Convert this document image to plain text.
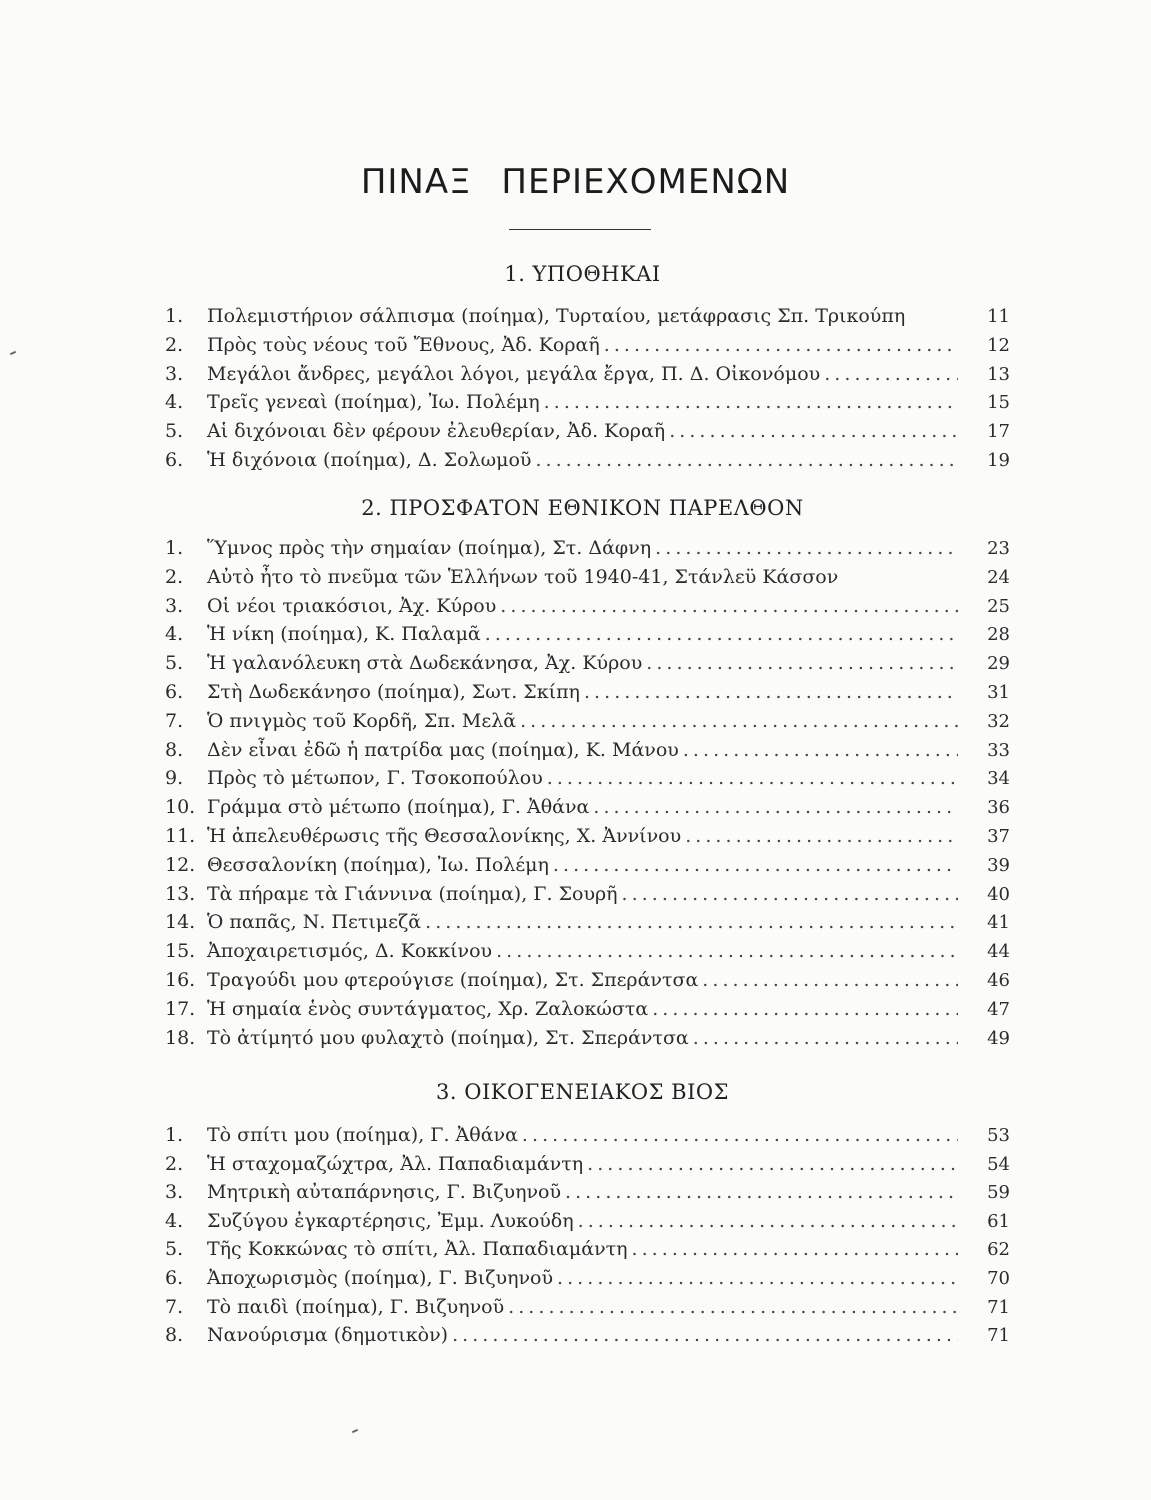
ΠΙΝΑΞ ΠΕΡΙΕΧΟΜΕΝΩΝ
1. ΥΠΟΘΗΚΑΙ
1.	Πολεμιστήριον σάλπισμα (ποίημα), Τυρταίου, μετάφρασις Σπ. Τρικούπη	11
2.	Πρὸς τοὺς νέους τοῦ Ἔθνους, Ἀδ. Κοραῆ . . .	12
3.	Μεγάλοι ἄνδρες, μεγάλοι λόγοι, μεγάλα ἔργα, Π. Δ. Οἰκονόμου . . .	13
4.	Τρεῖς γενεαὶ (ποίημα), Ἰω. Πολέμη . . .	15
5.	Αἱ διχόνοιαι δὲν φέρουν ἐλευθερίαν, Ἀδ. Κοραῆ . . .	17
6.	Ἡ διχόνοια (ποίημα), Δ. Σολωμοῦ . . .	19
2. ΠΡΟΣΦΑΤΟΝ ΕΘΝΙΚΟΝ ΠΑΡΕΛΘΟΝ
1.	Ὕμνος πρὸς τὴν σημαίαν (ποίημα), Στ. Δάφνη . . .	23
2.	Αὐτὸ ἦτο τὸ πνεῦμα τῶν Ἑλλήνων τοῦ 1940-41, Στάνλεϋ Κάσσον	24
3.	Οἱ νέοι τριακόσιοι, Ἀχ. Κύρου . . .	25
4.	Ἡ νίκη (ποίημα), Κ. Παλαμᾶ . . .	28
5.	Ἡ γαλανόλευκη στὰ Δωδεκάνησα, Ἀχ. Κύρου . . .	29
6.	Στὴ Δωδεκάνησο (ποίημα), Σωτ. Σκίπη . . .	31
7.	Ὁ πνιγμὸς τοῦ Κορδῆ, Σπ. Μελᾶ . . .	32
8.	Δὲν εἶναι ἐδῶ ἡ πατρίδα μας (ποίημα), Κ. Μάνου . . .	33
9.	Πρὸς τὸ μέτωπον, Γ. Τσοκοπούλου . . .	34
10. Γράμμα στὸ μέτωπο (ποίημα), Γ. Ἀθάνα . . .	36
11. Ἡ ἀπελευθέρωσις τῆς Θεσσαλονίκης, Χ. Ἀννίνου . . .	37
12. Θεσσαλονίκη (ποίημα), Ἰω. Πολέμη . . .	39
13. Τὰ πήραμε τὰ Γιάννινα (ποίημα), Γ. Σουρῆ . . .	40
14. Ὁ παπᾶς, Ν. Πετιμεζᾶ . . .	41
15. Ἀποχαιρετισμός, Δ. Κοκκίνου . . .	44
16. Τραγούδι μου φτερούγισε (ποίημα), Στ. Σπεράντσα . . .	46
17. Ἡ σημαία ἑνὸς συντάγματος, Χρ. Ζαλοκώστα . . .	47
18. Τὸ ἀτίμητό μου φυλαχτὸ (ποίημα), Στ. Σπεράντσα . . .	49
3. ΟΙΚΟΓΕΝΕΙΑΚΟΣ ΒΙΟΣ
1.	Τὸ σπίτι μου (ποίημα), Γ. Ἀθάνα . . .	53
2.	Ἡ σταχομαζώχτρα, Ἀλ. Παπαδιαμάντη . . .	54
3.	Μητρικὴ αὐταπάρνησις, Γ. Βιζυηνοῦ . . .	59
4.	Συζύγου ἐγκαρτέρησις, Ἐμμ. Λυκούδη . . .	61
5.	Τῆς Κοκκώνας τὸ σπίτι, Ἀλ. Παπαδιαμάντη . . .	62
6.	Ἀποχωρισμὸς (ποίημα), Γ. Βιζυηνοῦ . . .	70
7.	Τὸ παιδὶ (ποίημα), Γ. Βιζυηνοῦ . . .	71
8.	Νανούρισμα (δημοτικὸν) . . .	71
